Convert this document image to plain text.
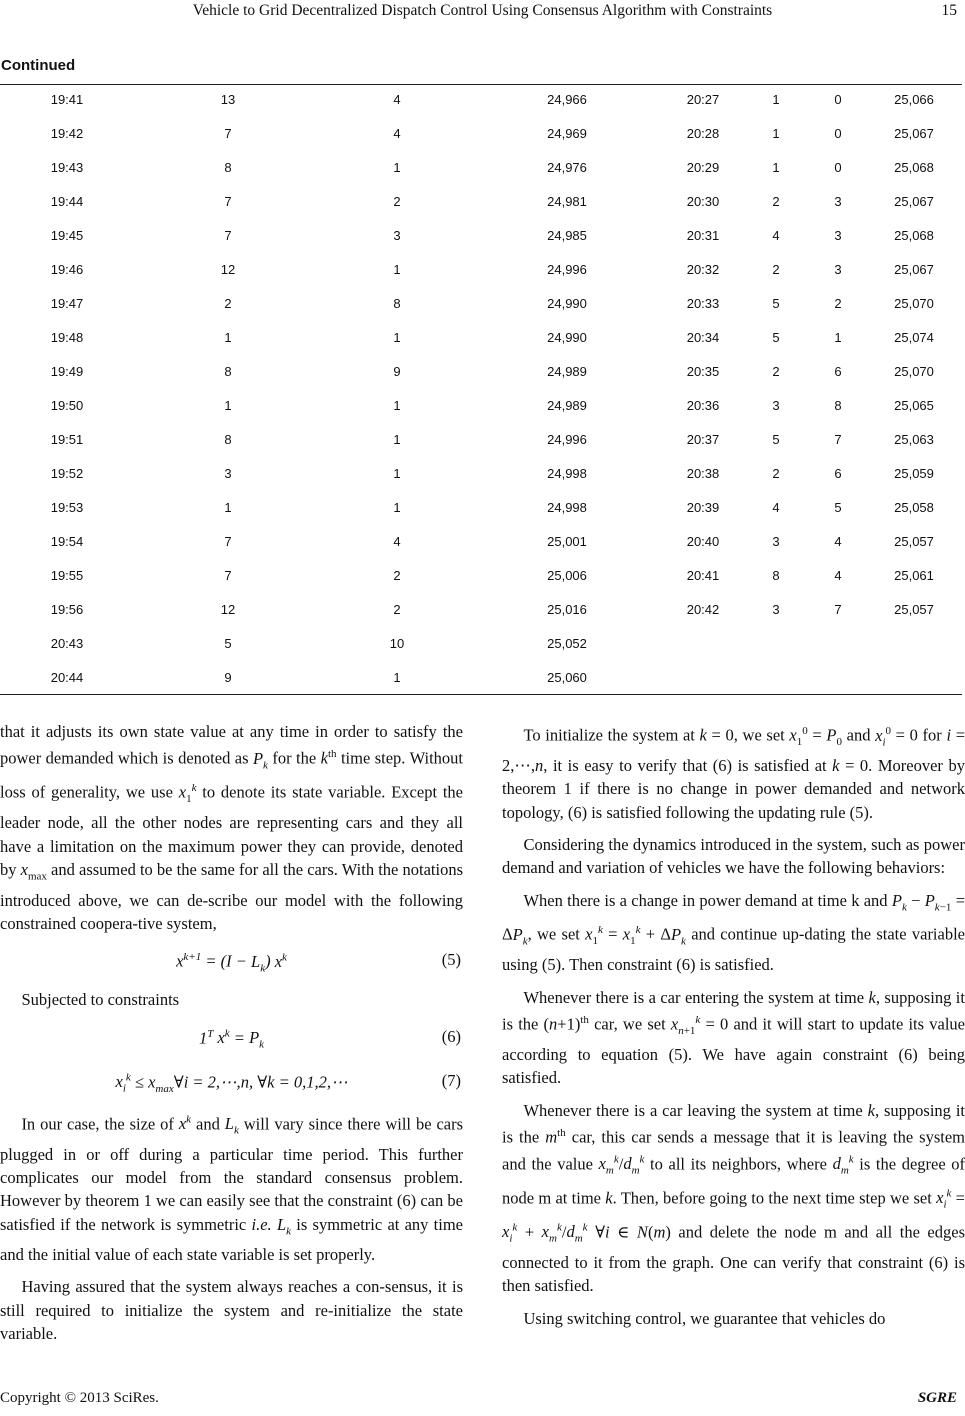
Vehicle to Grid Decentralized Dispatch Control Using Consensus Algorithm with Constraints	15
Continued
19:41	13	4	24,966	20:27	1	0	25,066
19:42	7	4	24,969	20:28	1	0	25,067
19:43	8	1	24,976	20:29	1	0	25,068
19:44	7	2	24,981	20:30	2	3	25,067
19:45	7	3	24,985	20:31	4	3	25,068
19:46	12	1	24,996	20:32	2	3	25,067
19:47	2	8	24,990	20:33	5	2	25,070
19:48	1	1	24,990	20:34	5	1	25,074
19:49	8	9	24,989	20:35	2	6	25,070
19:50	1	1	24,989	20:36	3	8	25,065
19:51	8	1	24,996	20:37	5	7	25,063
19:52	3	1	24,998	20:38	2	6	25,059
19:53	1	1	24,998	20:39	4	5	25,058
19:54	7	4	25,001	20:40	3	4	25,057
19:55	7	2	25,006	20:41	8	4	25,061
19:56	12	2	25,016	20:42	3	7	25,057
20:43	5	10	25,052
20:44	9	1	25,060

that it adjusts its own state value at any time in order to satisfy the power demanded which is denoted as $P_k$ for the $k^{th}$ time step. Without loss of generality, we use $x_1^k$ to denote its state variable. Except the leader node, all the other nodes are representing cars and they all have a limitation on the maximum power they can provide, denoted by $x_{max}$ and assumed to be the same for all the cars. With the notations introduced above, we can de-scribe our model with the following constrained coopera-tive system,

$x^{k+1} = (I - L_k)$ $x^k$	(5)

Subjected to constraints

$1^T$ $x^k = P_k$	(6)
$x_i^k$ ≤ $x_{max}\forall i$ = 2,⋯,n, ∀k = 0,1,2,⋯	(7)

In our case, the size of $x^k$ and $L_k$ will vary since there will be cars plugged in or off during a particular time period. This further complicates our model from the standard consensus problem. However by theorem 1 we can easily see that the constraint (6) can be satisfied if the network is symmetric i.e. $L_k$ is symmetric at any time and the initial value of each state variable is set properly.

Having assured that the system always reaches a con-sensus, it is still required to initialize the system and re-initialize the state variable.

To initialize the system at k = 0, we set $x_1^0 = P_0$ and $x_i^0 = 0$ for i = 2,⋯,n, it is easy to verify that (6) is satisfied at k = 0. Moreover by theorem 1 if there is no change in power demanded and network topology, (6) is satisfied following the updating rule (5).

Considering the dynamics introduced in the system, such as power demand and variation of vehicles we have the following behaviors:

When there is a change in power demand at time k and $P_k - P_{k-1} = \Delta P_k$, we set $x_1^k = x_1^k + \Delta P_k$ and continue up-dating the state variable using (5). Then constraint (6) is satisfied.

Whenever there is a car entering the system at time k, supposing it is the $(n+1)^{th}$ car, we set $x_{n+1}^k = 0$ and it will start to update its value according to equation (5). We have again constraint (6) being satisfied.

Whenever there is a car leaving the system at time k, supposing it is the $m^{th}$ car, this car sends a message that it is leaving the system and the value $x_m^k/d_m^k$ to all its neighbors, where $d_m^k$ is the degree of node m at time k. Then, before going to the next time step we set $x_i^k = x_i^k + x_m^k/d_m^k$ ∀i ∈ N(m) and delete the node m and all the edges connected to it from the graph. One can verify that constraint (6) is then satisfied.

Using switching control, we guarantee that vehicles do

Copyright © 2013 SciRes.	SGRE
